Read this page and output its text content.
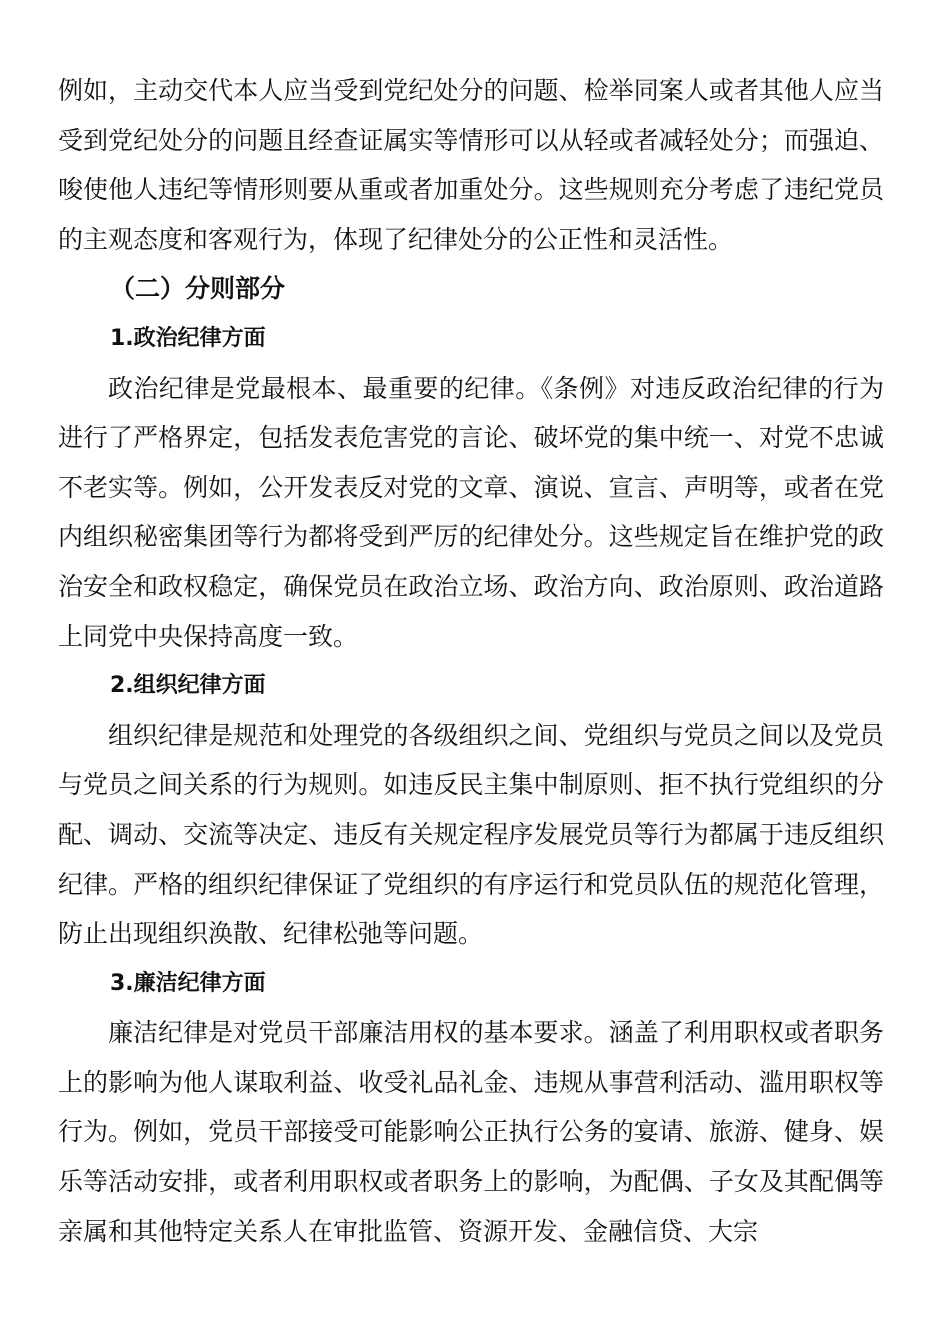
例如，主动交代本人应当受到党纪处分的问题、检举同案人或者其他人应当受到党纪处分的问题且经查证属实等情形可以从轻或者减轻处分；而强迫、唆使他人违纪等情形则要从重或者加重处分。这些规则充分考虑了违纪党员的主观态度和客观行为，体现了纪律处分的公正性和灵活性。

（二）分则部分

1.政治纪律方面

政治纪律是党最根本、最重要的纪律。《条例》对违反政治纪律的行为进行了严格界定，包括发表危害党的言论、破坏党的集中统一、对党不忠诚不老实等。例如，公开发表反对党的文章、演说、宣言、声明等，或者在党内组织秘密集团等行为都将受到严厉的纪律处分。这些规定旨在维护党的政治安全和政权稳定，确保党员在政治立场、政治方向、政治原则、政治道路上同党中央保持高度一致。

2.组织纪律方面

组织纪律是规范和处理党的各级组织之间、党组织与党员之间以及党员与党员之间关系的行为规则。如违反民主集中制原则、拒不执行党组织的分配、调动、交流等决定、违反有关规定程序发展党员等行为都属于违反组织纪律。严格的组织纪律保证了党组织的有序运行和党员队伍的规范化管理，防止出现组织涣散、纪律松弛等问题。

3.廉洁纪律方面

廉洁纪律是对党员干部廉洁用权的基本要求。涵盖了利用职权或者职务上的影响为他人谋取利益、收受礼品礼金、违规从事营利活动、滥用职权等行为。例如，党员干部接受可能影响公正执行公务的宴请、旅游、健身、娱乐等活动安排，或者利用职权或者职务上的影响，为配偶、子女及其配偶等亲属和其他特定关系人在审批监管、资源开发、金融信贷、大宗
